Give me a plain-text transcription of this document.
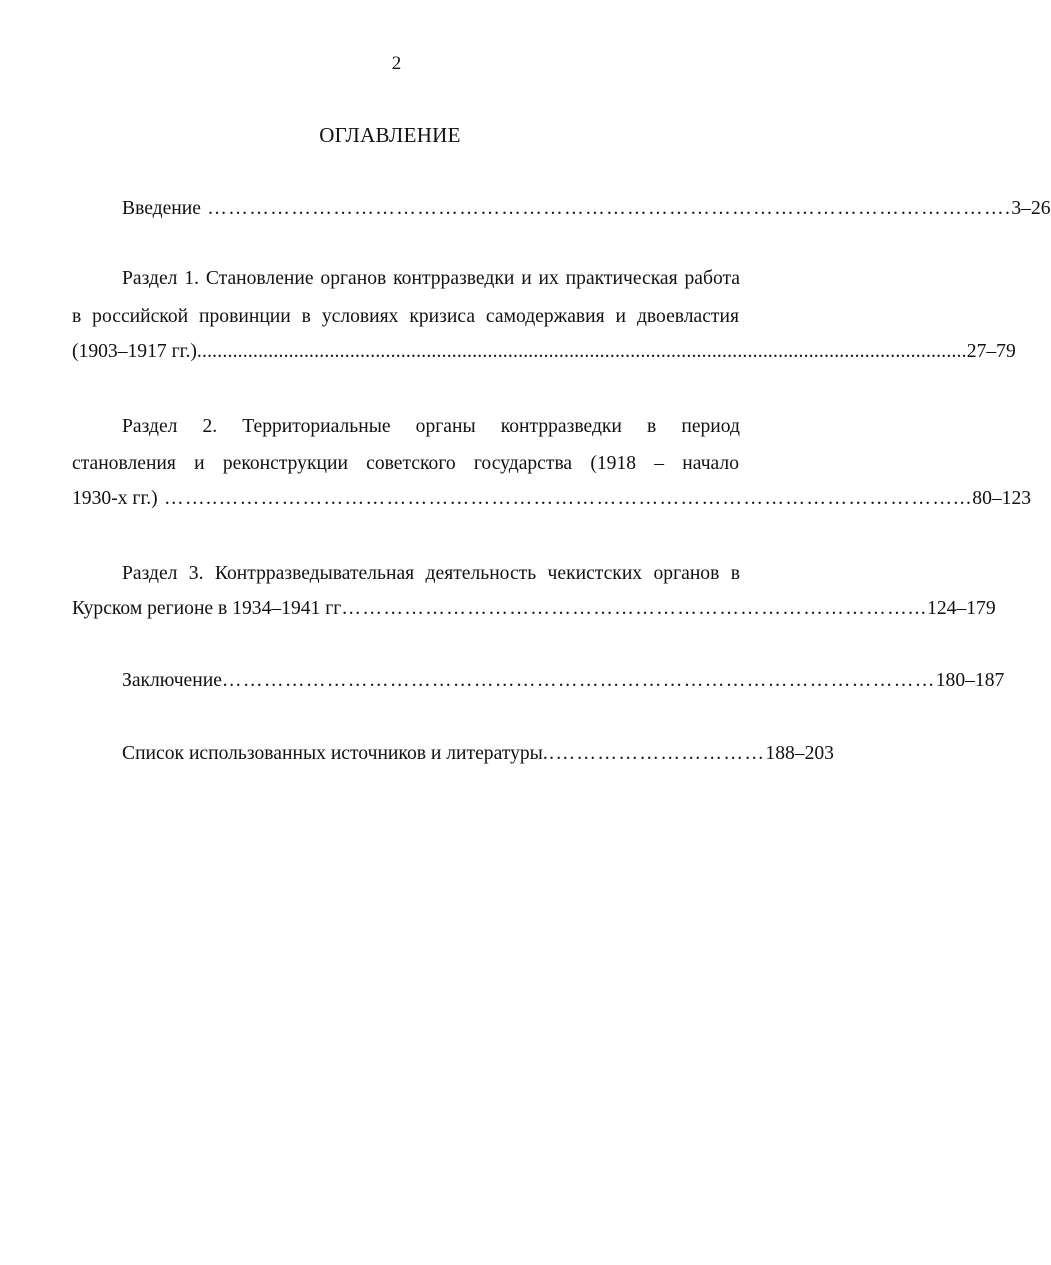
2
ОГЛАВЛЕНИЕ
Введение ……………………………………………………………………………………………………. 3–26
Раздел 1. Становление органов контрразведки и их практическая работа
в российской провинции в условиях кризиса самодержавия и двоевластия
(1903–1917 гг.) ....................................................................................................................................................... 27–79
Раздел 2. Территориальные органы контрразведки в период
становления и реконструкции советского государства (1918 – начало
1930-х гг.) ……..……………………………………………………………………………………………... 80–123
Раздел 3. Контрразведывательная деятельность чекистских органов в
Курском регионе в 1934–1941 гг ………………………………………………………………………... 124–179
Заключение ………………………………………………………………………………………… 180–187
Список использованных источников и литературы ..………………………… 188–203
